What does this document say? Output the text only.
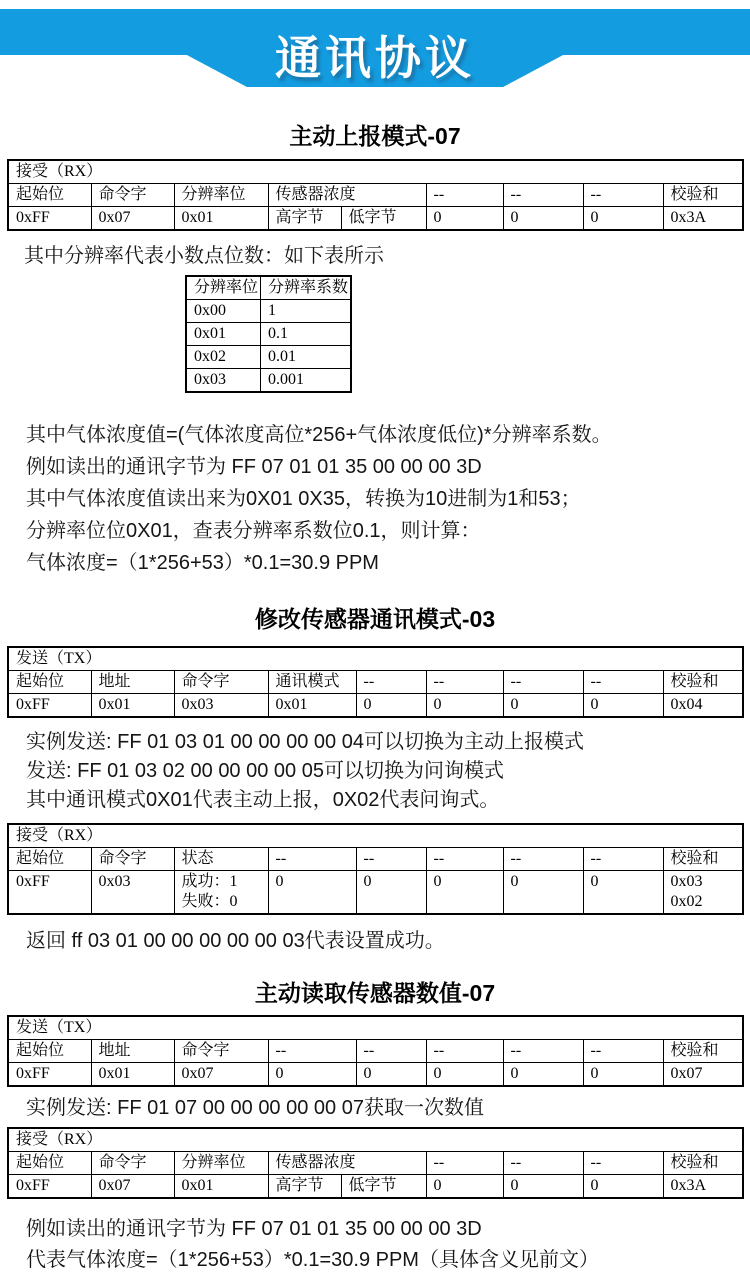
通讯协议
主动上报模式-07
接受（RX）								

起始位	命令字	分辨率位	传感器浓度		--	--	--	校验和

0xFF	0x07	0x01	高字节	低字节	0	0	0	0x3A
其中分辨率代表小数点位数：如下表所示
分辨率位	分辨率系数

0x00	1

0x01	0.1

0x02	0.01

0x03	0.001
其中气体浓度值=(气体浓度高位*256+气体浓度低位)*分辨率系数。
例如读出的通讯字节为 FF 07 01 01 35 00 00 00 3D
其中气体浓度值读出来为0X01 0X35，转换为10进制为1和53；
分辨率位位0X01，查表分辨率系数位0.1，则计算：
气体浓度=（1*256+53）*0.1=30.9 PPM
修改传感器通讯模式-03
发送（TX）								

起始位	地址	命令字	通讯模式	--	--	--	--	校验和

0xFF	0x01	0x03	0x01	0	0	0	0	0x04
实例发送: FF 01 03 01 00 00 00 00 04可以切换为主动上报模式
发送: FF 01 03 02 00 00 00 00 05可以切换为问询模式
其中通讯模式0X01代表主动上报，0X02代表问询式。
接受（RX）								

起始位	命令字	状态	--	--	--	--	--	校验和

0xFF	0x03	成功：1
失败：0

0	0	0	0	0	0x03
0x02
返回 ff 03 01 00 00 00 00 00 03代表设置成功。
主动读取传感器数值-07
发送（TX）								

起始位	地址	命令字	--	--	--	--	--	校验和

0xFF	0x01	0x07	0	0	0	0	0	0x07
实例发送: FF 01 07 00 00 00 00 00 07获取一次数值
接受（RX）								

起始位	命令字	分辨率位	传感器浓度		--	--	--	校验和

0xFF	0x07	0x01	高字节	低字节	0	0	0	0x3A
例如读出的通讯字节为 FF 07 01 01 35 00 00 00 3D
代表气体浓度=（1*256+53）*0.1=30.9 PPM（具体含义见前文）
